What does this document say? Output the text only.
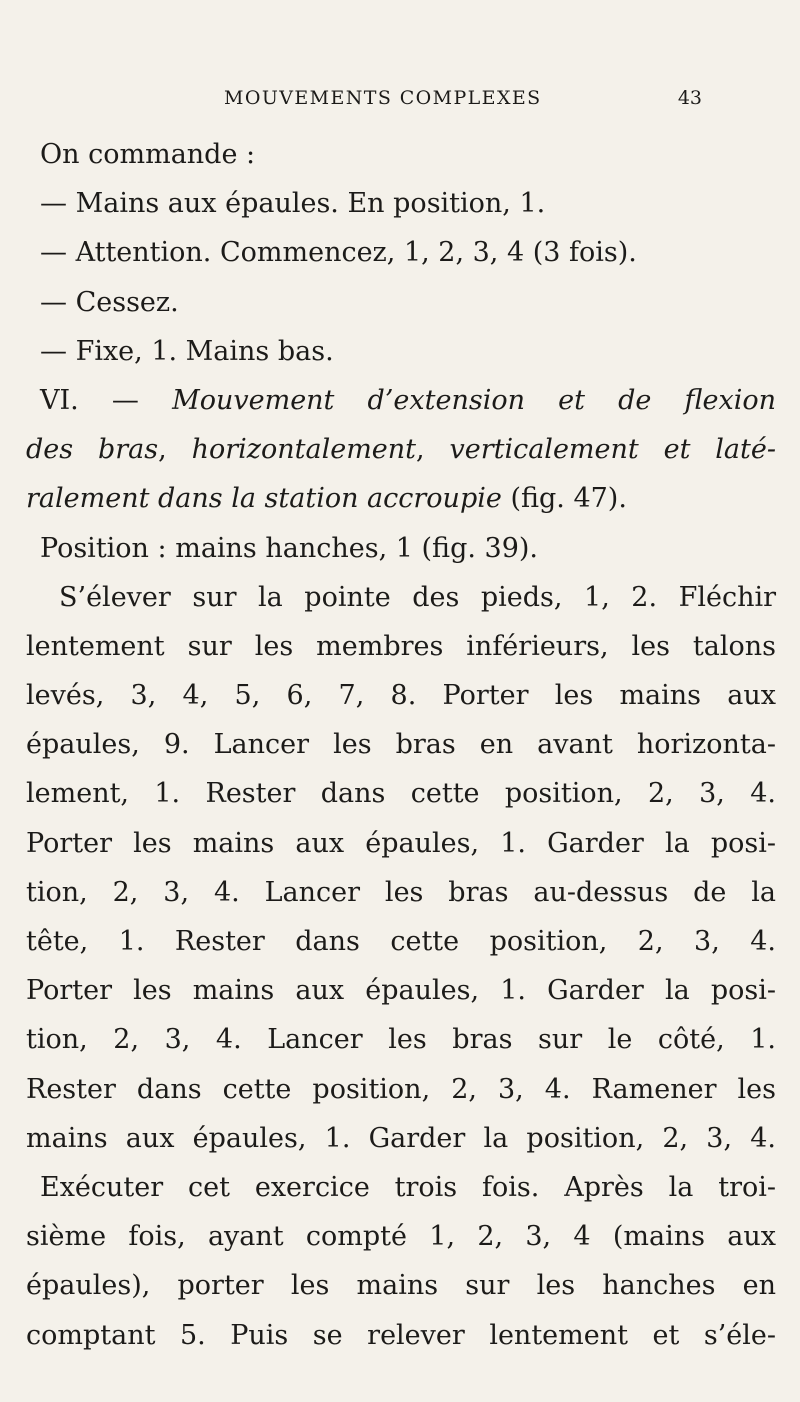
MOUVEMENTS COMPLEXES	43
On commande :
— Mains aux épaules. En position, 1.
— Attention. Commencez, 1, 2, 3, 4 (3 fois).
— Cessez.
— Fixe, 1. Mains bas.
VI. — Mouvement d’extension et de flexion
des bras, horizontalement, verticalement et laté-
ralement dans la station accroupie (fig. 47).
Position : mains hanches, 1 (fig. 39).
S’élever sur la pointe des pieds, 1, 2. Fléchir
lentement sur les membres inférieurs, les talons
levés, 3, 4, 5, 6, 7, 8. Porter les mains aux
épaules, 9. Lancer les bras en avant horizonta-
lement, 1. Rester dans cette position, 2, 3, 4.
Porter les mains aux épaules, 1. Garder la posi-
tion, 2, 3, 4. Lancer les bras au-dessus de la
tête, 1. Rester dans cette position, 2, 3, 4.
Porter les mains aux épaules, 1. Garder la posi-
tion, 2, 3, 4. Lancer les bras sur le côté, 1.
Rester dans cette position, 2, 3, 4. Ramener les
mains aux épaules, 1. Garder la position, 2, 3, 4.
Exécuter cet exercice trois fois. Après la troi-
sième fois, ayant compté 1, 2, 3, 4 (mains aux
épaules), porter les mains sur les hanches en
comptant 5. Puis se relever lentement et s’éle-
